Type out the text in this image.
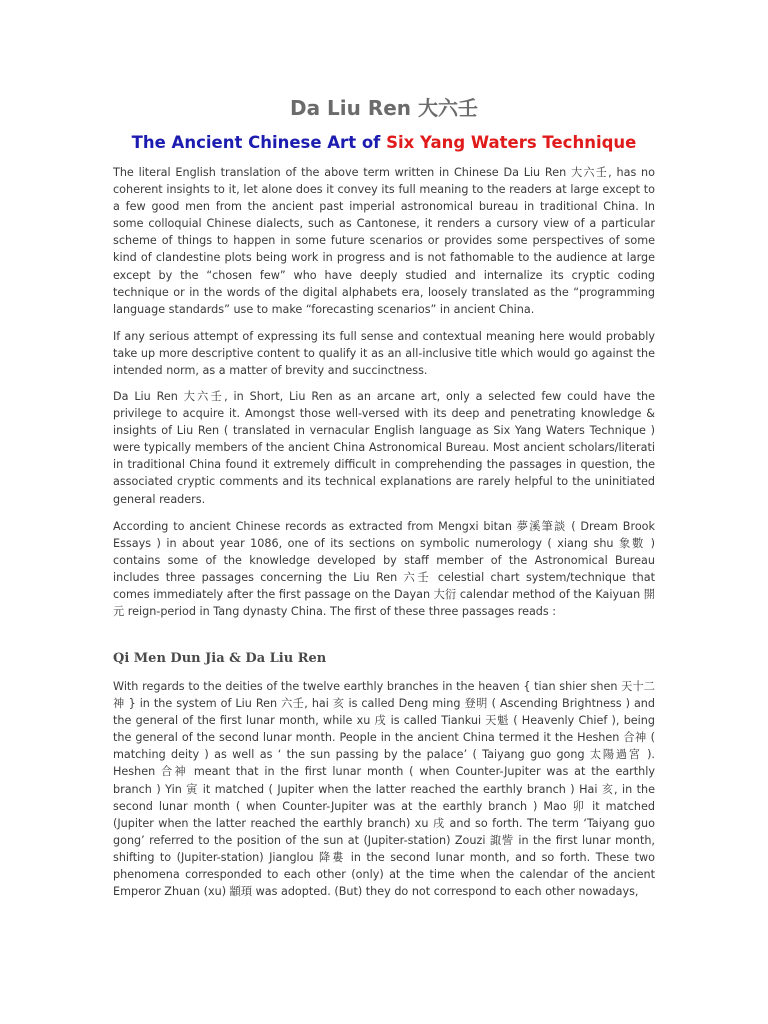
Da Liu Ren 大六壬
The Ancient Chinese Art of Six Yang Waters Technique

The literal English translation of the above term written in Chinese Da Liu Ren 大六壬, has no coherent insights to it, let alone does it convey its full meaning to the readers at large except to a few good men from the ancient past imperial astronomical bureau in traditional China. In some colloquial Chinese dialects, such as Cantonese, it renders a cursory view of a particular scheme of things to happen in some future scenarios or provides some perspectives of some kind of clandestine plots being work in progress and is not fathomable to the audience at large except by the “chosen few” who have deeply studied and internalize its cryptic coding technique or in the words of the digital alphabets era, loosely translated as the “programming language standards” use to make “forecasting scenarios” in ancient China.

If any serious attempt of expressing its full sense and contextual meaning here would probably take up more descriptive content to qualify it as an all-inclusive title which would go against the intended norm, as a matter of brevity and succinctness.

Da Liu Ren 大六壬, in Short, Liu Ren as an arcane art, only a selected few could have the privilege to acquire it. Amongst those well-versed with its deep and penetrating knowledge & insights of Liu Ren ( translated in vernacular English language as Six Yang Waters Technique ) were typically members of the ancient China Astronomical Bureau. Most ancient scholars/literati in traditional China found it extremely difficult in comprehending the passages in question, the associated cryptic comments and its technical explanations are rarely helpful to the uninitiated general readers.

According to ancient Chinese records as extracted from Mengxi bitan 夢溪筆談 ( Dream Brook Essays ) in about year 1086, one of its sections on symbolic numerology ( xiang shu 象數 ) contains some of the knowledge developed by staff member of the Astronomical Bureau includes three passages concerning the Liu Ren 六壬 celestial chart system/technique that comes immediately after the first passage on the Dayan 大衍 calendar method of the Kaiyuan 開元 reign-period in Tang dynasty China. The first of these three passages reads :

Qi Men Dun Jia & Da Liu Ren

With regards to the deities of the twelve earthly branches in the heaven { tian shier shen 天十二神 } in the system of Liu Ren 六壬, hai 亥 is called Deng ming 登明 ( Ascending Brightness ) and the general of the first lunar month, while xu 戌 is called Tiankui 天魁 ( Heavenly Chief ), being the general of the second lunar month. People in the ancient China termed it the Heshen 合神 ( matching deity ) as well as ‘ the sun passing by the palace’ ( Taiyang guo gong 太陽過宮 ). Heshen 合神 meant that in the first lunar month ( when Counter-Jupiter was at the earthly branch ) Yin 寅 it matched ( Jupiter when the latter reached the earthly branch ) Hai 亥, in the second lunar month ( when Counter-Jupiter was at the earthly branch ) Mao 卯 it matched (Jupiter when the latter reached the earthly branch) xu 戌 and so forth. The term ‘Taiyang guo gong’ referred to the position of the sun at (Jupiter-station) Zouzi 諏訾 in the first lunar month, shifting to (Jupiter-station) Jianglou 降婁 in the second lunar month, and so forth. These two phenomena corresponded to each other (only) at the time when the calendar of the ancient Emperor Zhuan (xu) 顓頊 was adopted. (But) they do not correspond to each other nowadays,
